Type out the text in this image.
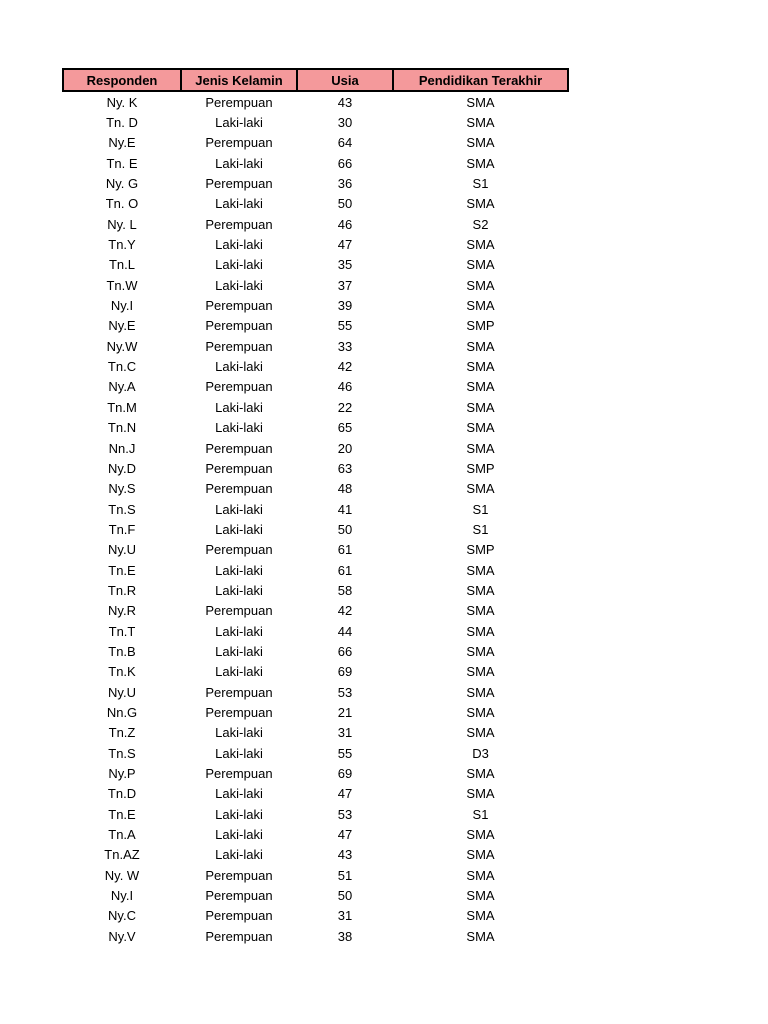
Responden	Jenis Kelamin	Usia	Pendidikan Terakhir
Ny. K	Perempuan	43	SMA
Tn. D	Laki-laki	30	SMA
Ny.E	Perempuan	64	SMA
Tn. E	Laki-laki	66	SMA
Ny. G	Perempuan	36	S1
Tn. O	Laki-laki	50	SMA
Ny. L	Perempuan	46	S2
Tn.Y	Laki-laki	47	SMA
Tn.L	Laki-laki	35	SMA
Tn.W	Laki-laki	37	SMA
Ny.I	Perempuan	39	SMA
Ny.E	Perempuan	55	SMP
Ny.W	Perempuan	33	SMA
Tn.C	Laki-laki	42	SMA
Ny.A	Perempuan	46	SMA
Tn.M	Laki-laki	22	SMA
Tn.N	Laki-laki	65	SMA
Nn.J	Perempuan	20	SMA
Ny.D	Perempuan	63	SMP
Ny.S	Perempuan	48	SMA
Tn.S	Laki-laki	41	S1
Tn.F	Laki-laki	50	S1
Ny.U	Perempuan	61	SMP
Tn.E	Laki-laki	61	SMA
Tn.R	Laki-laki	58	SMA
Ny.R	Perempuan	42	SMA
Tn.T	Laki-laki	44	SMA
Tn.B	Laki-laki	66	SMA
Tn.K	Laki-laki	69	SMA
Ny.U	Perempuan	53	SMA
Nn.G	Perempuan	21	SMA
Tn.Z	Laki-laki	31	SMA
Tn.S	Laki-laki	55	D3
Ny.P	Perempuan	69	SMA
Tn.D	Laki-laki	47	SMA
Tn.E	Laki-laki	53	S1
Tn.A	Laki-laki	47	SMA
Tn.AZ	Laki-laki	43	SMA
Ny. W	Perempuan	51	SMA
Ny.I	Perempuan	50	SMA
Ny.C	Perempuan	31	SMA
Ny.V	Perempuan	38	SMA
